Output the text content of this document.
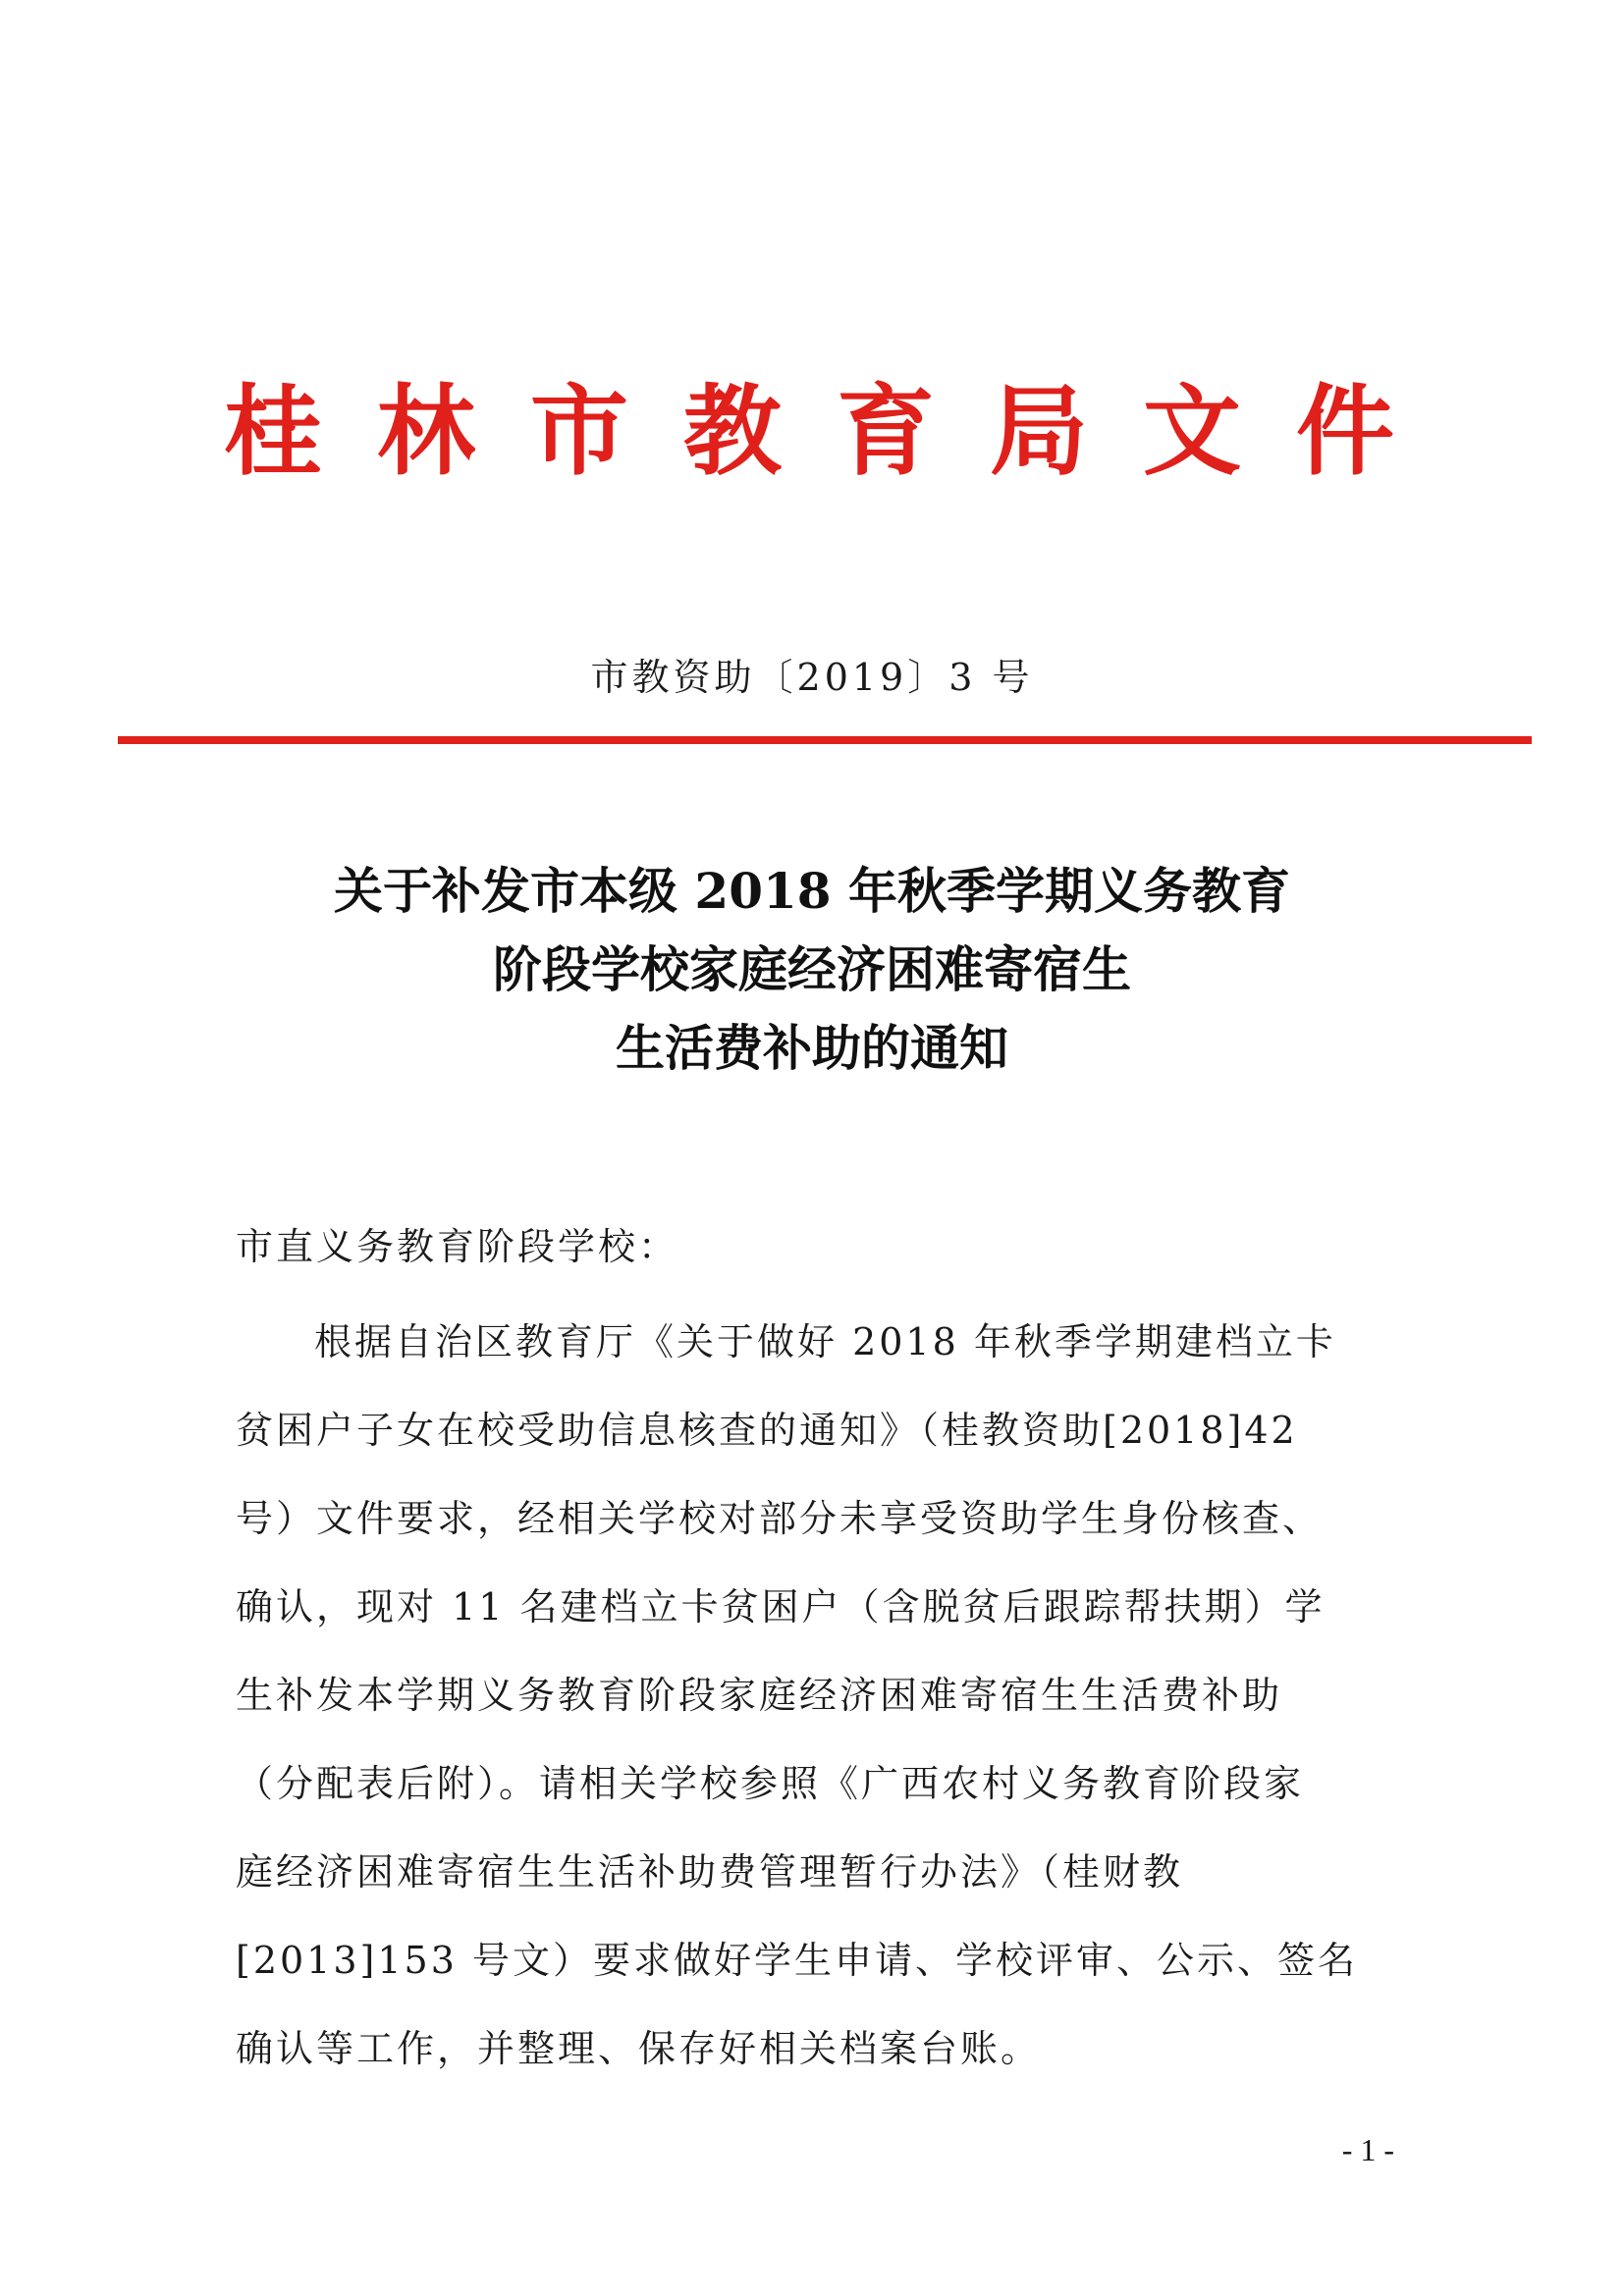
桂林市教育局文件
市教资助〔2019〕3 号
关于补发市本级 2018 年秋季学期义务教育
阶段学校家庭经济困难寄宿生
生活费补助的通知
市直义务教育阶段学校：
根据自治区教育厅《关于做好 2018 年秋季学期建档立卡
贫困户子女在校受助信息核查的通知》（桂教资助[2018]42
号）文件要求，经相关学校对部分未享受资助学生身份核查、
确认，现对 11 名建档立卡贫困户（含脱贫后跟踪帮扶期）学
生补发本学期义务教育阶段家庭经济困难寄宿生生活费补助
（分配表后附）。请相关学校参照《广西农村义务教育阶段家
庭经济困难寄宿生生活补助费管理暂行办法》（桂财教
[2013]153 号文）要求做好学生申请、学校评审、公示、签名
确认等工作，并整理、保存好相关档案台账。
- 1 -
